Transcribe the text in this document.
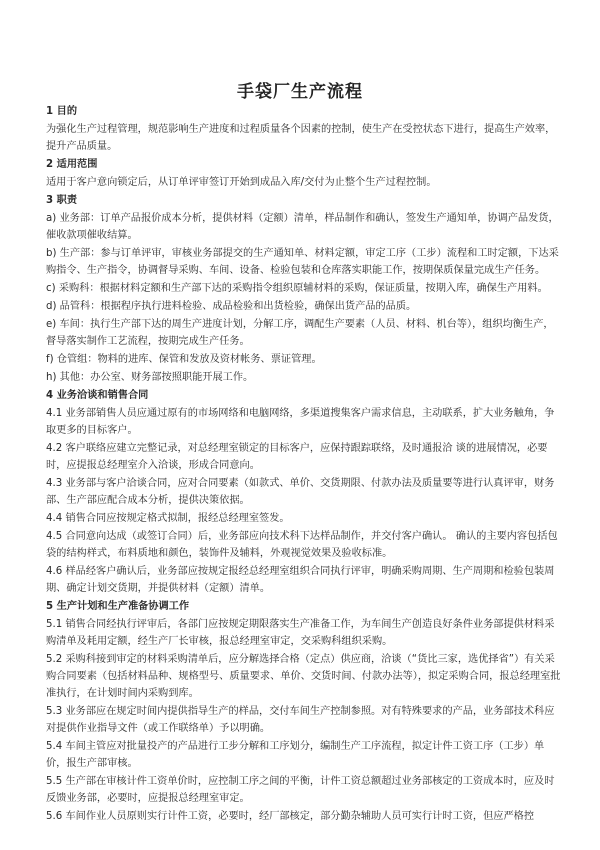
手袋厂生产流程
1 目的
为强化生产过程管理，规范影响生产进度和过程质量各个因素的控制，使生产在受控状态下进行，提高生产效率，提升产品质量。
2 适用范围
适用于客户意向锁定后，从订单评审签订开始到成品入库/交付为止整个生产过程控制。
3 职责
a) 业务部：订单产品报价成本分析，提供材料（定额）清单，样品制作和确认，签发生产通知单，协调产品发货，催收款项催收结算。
b) 生产部：参与订单评审，审核业务部提交的生产通知单、材料定额，审定工序（工步）流程和工时定额，下达采购指令、生产指令，协调督导采购、车间、设备、检验包装和仓库落实职能工作，按期保质保量完成生产任务。
c) 采购科：根据材料定额和生产部下达的采购指令组织原辅材料的采购，保证质量，按期入库，确保生产用料。
d) 品管科：根据程序执行进料检验、成品检验和出货检验，确保出货产品的品质。
e) 车间：执行生产部下达的周生产进度计划，分解工序，调配生产要素（人员、材料、机台等），组织均衡生产，督导落实制作工艺流程，按期完成生产任务。
f) 仓管组：物料的进库、保管和发放及资材帐务、票证管理。
h) 其他：办公室、财务部按照职能开展工作。
4 业务洽谈和销售合同
4.1 业务部销售人员应通过原有的市场网络和电脑网络，多渠道搜集客户需求信息，主动联系，扩大业务触角，争取更多的目标客户。
4.2 客户联络应建立完整记录，对总经理室锁定的目标客户，应保持跟踪联络，及时通报洽 谈的进展情况，必要时，应提报总经理室介入洽谈，形成合同意向。
4.3 业务部与客户洽谈合同，应对合同要素（如款式、单价、交货期限、付款办法及质量要等进行认真评审，财务部、生产部应配合成本分析，提供决策依据。
4.4 销售合同应按规定格式拟制，报经总经理室签发。
4.5 合同意向达成（或签订合同）后，业务部应向技术科下达样品制作，并交付客户确认。 确认的主要内容包括包袋的结构样式，布料质地和颜色，装饰件及辅料，外观视觉效果及验收标准。
4.6 样品经客户确认后，业务部应按规定报经总经理室组织合同执行评审，明确采购周期、生产周期和检验包装周期、确定计划交货期，并提供材料（定额）清单。
5 生产计划和生产准备协调工作
5.1 销售合同经执行评审后，各部门应按规定期限落实生产准备工作，为车间生产创造良好条件业务部提供材料采购清单及耗用定额，经生产厂长审核，报总经理室审定，交采购科组织采购。
5.2 采购科接到审定的材料采购清单后，应分解选择合格（定点）供应商，洽谈（“货比三家，选优择省”）有关采购合同要素（包括材料品种、规格型号、质量要求、单价、交货时间、付款办法等），拟定采购合同，报总经理室批准执行，在计划时间内采购到库。
5.3 业务部应在规定时间内提供指导生产的样品，交付车间生产控制参照。对有特殊要求的产品，业务部技术科应对提供作业指导文件（或工作联络单）予以明确。
5.4 车间主管应对批量投产的产品进行工步分解和工序划分，编制生产工序流程，拟定计件工资工序（工步）单价，报生产部审核。
5.5 生产部在审核计件工资单价时，应控制工序之间的平衡，计件工资总额超过业务部核定的工资成本时，应及时反馈业务部，必要时，应提报总经理室审定。
5.6 车间作业人员原则实行计件工资，必要时，经厂部核定，部分勤杂辅助人员可实行计时工资，但应严格控
